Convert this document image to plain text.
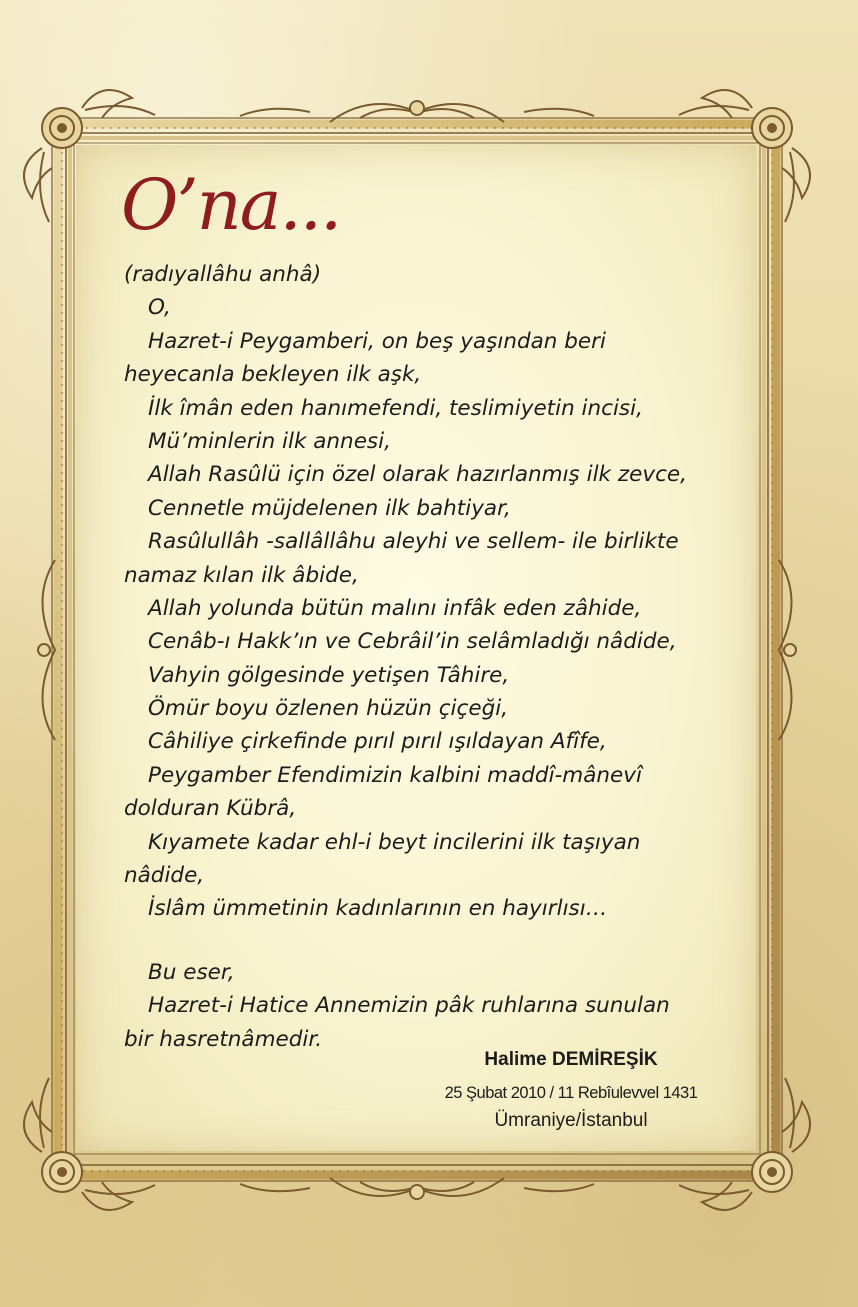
O’na...
(radıyallâhu anhâ)
O,
Hazret-i Peygamberi, on beş yaşından beri
heyecanla bekleyen ilk aşk,
İlk îmân eden hanımefendi, teslimiyetin incisi,
Mü’minlerin ilk annesi,
Allah Rasûlü için özel olarak hazırlanmış ilk zevce,
Cennetle müjdelenen ilk bahtiyar,
Rasûlullâh -sallâllâhu aleyhi ve sellem- ile birlikte
namaz kılan ilk âbide,
Allah yolunda bütün malını infâk eden zâhide,
Cenâb-ı Hakk’ın ve Cebrâil’in selâmladığı nâdide,
Vahyin gölgesinde yetişen Tâhire,
Ömür boyu özlenen hüzün çiçeği,
Câhiliye çirkefinde pırıl pırıl ışıldayan Afîfe,
Peygamber Efendimizin kalbini maddî-mânevî
dolduran Kübrâ,
Kıyamete kadar ehl-i beyt incilerini ilk taşıyan
nâdide,
İslâm ümmetinin kadınlarının en hayırlısı…
Bu eser,
Hazret-i Hatice Annemizin pâk ruhlarına sunulan
bir hasretnâmedir.
Halime DEMİREŞİK
25 Şubat 2010 / 11 Rebîulevvel 1431
Ümraniye/İstanbul
